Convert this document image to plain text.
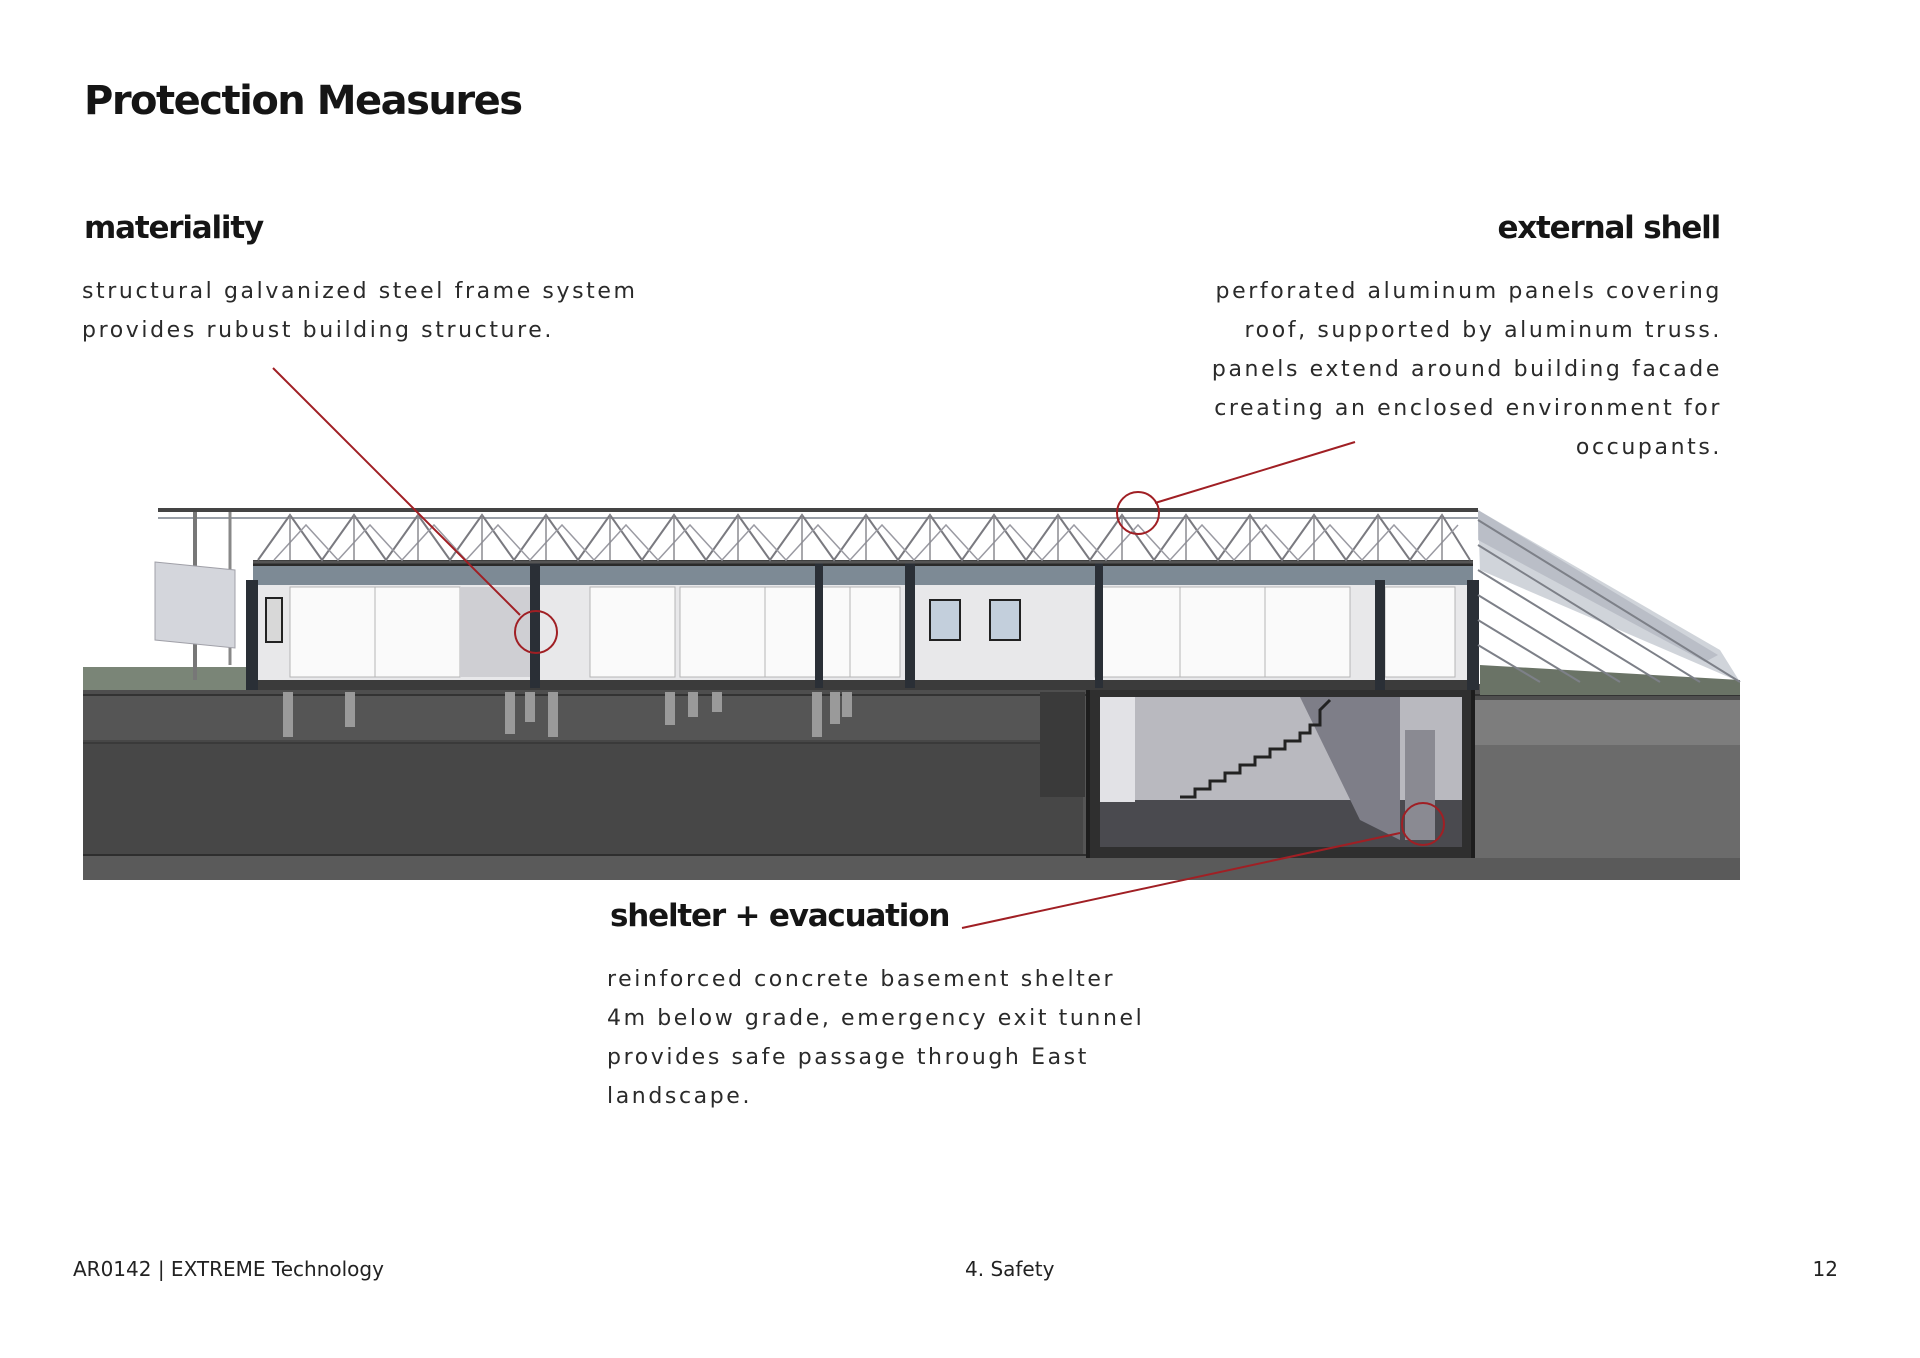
Protection Measures
materiality
structural galvanized steel frame system
provides rubust building structure.
external shell
perforated aluminum panels covering
roof, supported by aluminum truss.
panels extend around building facade
creating an enclosed environment for
occupants.
shelter + evacuation
reinforced concrete basement shelter
4m below grade, emergency exit tunnel
provides safe passage through East
landscape.
AR0142 | EXTREME Technology	4. Safety	12
